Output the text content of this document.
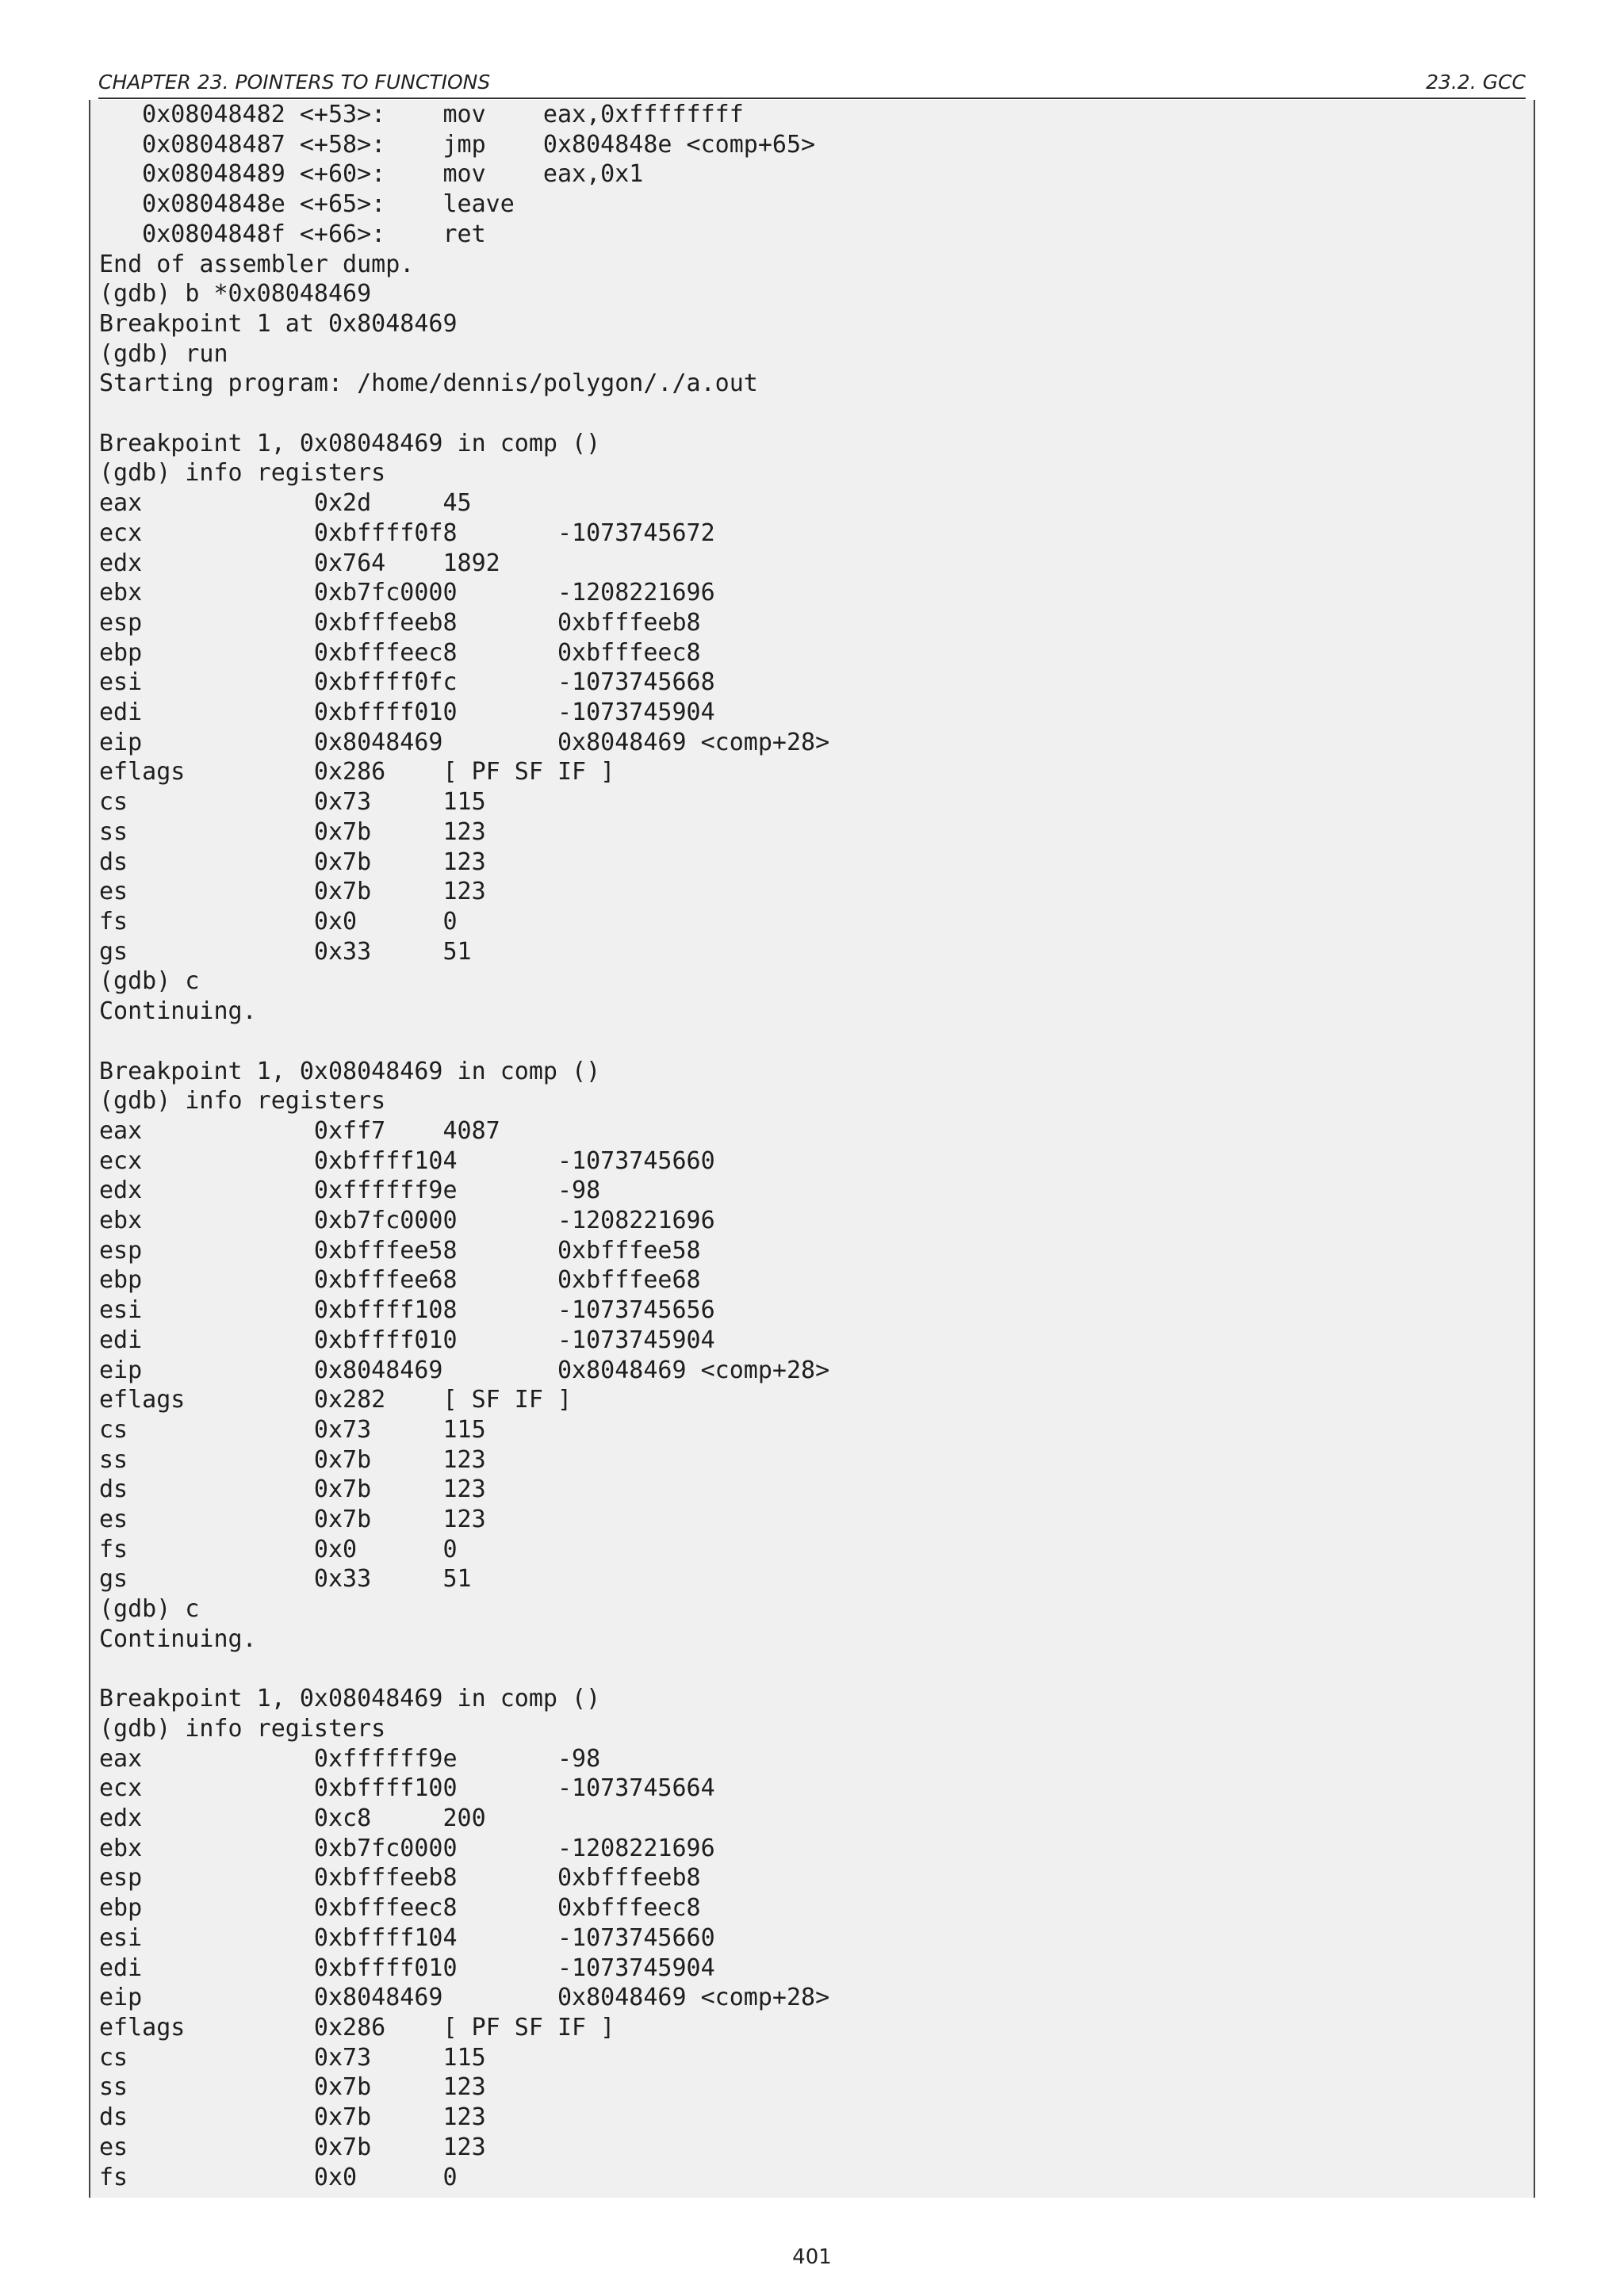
CHAPTER 23. POINTERS TO FUNCTIONS	23.2. GCC
0x08048482 <+53>:    mov    eax,0xffffffff
0x08048487 <+58>:    jmp    0x804848e <comp+65>
0x08048489 <+60>:    mov    eax,0x1
0x0804848e <+65>:    leave
0x0804848f <+66>:    ret
End of assembler dump.
(gdb) b *0x08048469
Breakpoint 1 at 0x8048469
(gdb) run
Starting program: /home/dennis/polygon/./a.out
Breakpoint 1, 0x08048469 in comp ()
(gdb) info registers
eax            0x2d     45
ecx            0xbffff0f8       -1073745672
edx            0x764    1892
ebx            0xb7fc0000       -1208221696
esp            0xbfffeeb8       0xbfffeeb8
ebp            0xbfffeec8       0xbfffeec8
esi            0xbffff0fc       -1073745668
edi            0xbffff010       -1073745904
eip            0x8048469        0x8048469 <comp+28>
eflags         0x286    [ PF SF IF ]
cs             0x73     115
ss             0x7b     123
ds             0x7b     123
es             0x7b     123
fs             0x0      0
gs             0x33     51
(gdb) c
Continuing.
Breakpoint 1, 0x08048469 in comp ()
(gdb) info registers
eax            0xff7    4087
ecx            0xbffff104       -1073745660
edx            0xffffff9e       -98
ebx            0xb7fc0000       -1208221696
esp            0xbfffee58       0xbfffee58
ebp            0xbfffee68       0xbfffee68
esi            0xbffff108       -1073745656
edi            0xbffff010       -1073745904
eip            0x8048469        0x8048469 <comp+28>
eflags         0x282    [ SF IF ]
cs             0x73     115
ss             0x7b     123
ds             0x7b     123
es             0x7b     123
fs             0x0      0
gs             0x33     51
(gdb) c
Continuing.
Breakpoint 1, 0x08048469 in comp ()
(gdb) info registers
eax            0xffffff9e       -98
ecx            0xbffff100       -1073745664
edx            0xc8     200
ebx            0xb7fc0000       -1208221696
esp            0xbfffeeb8       0xbfffeeb8
ebp            0xbfffeec8       0xbfffeec8
esi            0xbffff104       -1073745660
edi            0xbffff010       -1073745904
eip            0x8048469        0x8048469 <comp+28>
eflags         0x286    [ PF SF IF ]
cs             0x73     115
ss             0x7b     123
ds             0x7b     123
es             0x7b     123
fs             0x0      0
401
